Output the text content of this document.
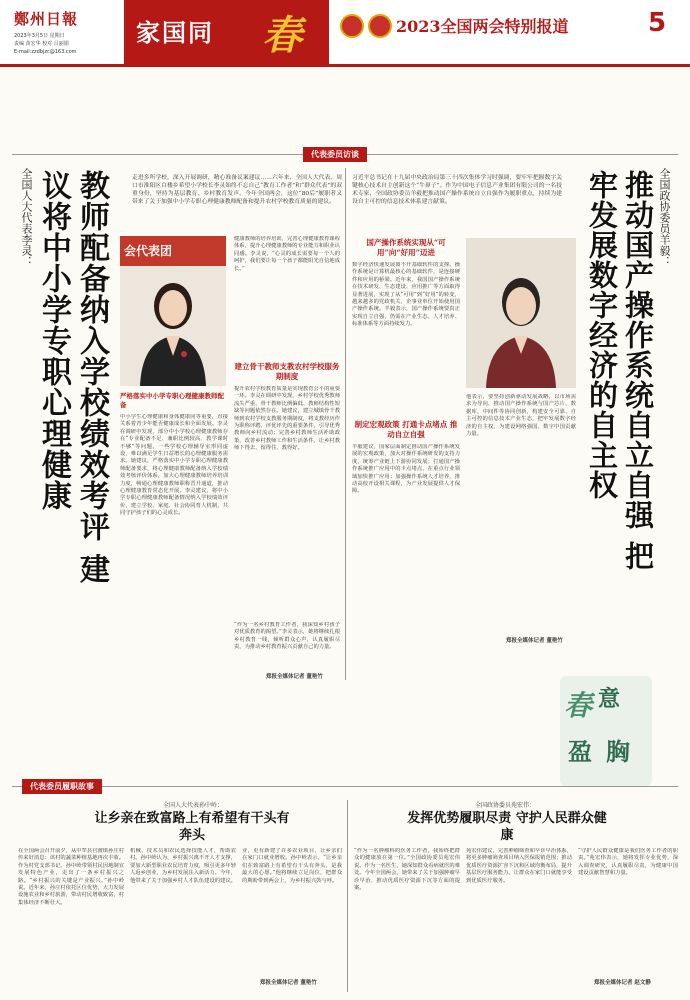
鄭州日報
2023年3月5日 星期日
责编 苗宏华 校对 吕丽娟
E-mail:zzdbjzc@163.com
家国同 春	2023全国两会特别报道	5
代表委员访谈
全国人大代表李灵：	教师配备纳入学校绩效考评 建议将中小学专职心理健康	走进多所学校，深入开展调研，精心准备议案建议……六年来，全国人大代表、周口市淮阳区白楼乡希望小学校长李灵始终不忘自己“教育工作者”和“群众代表”的双重身份，坚持为基层教育、乡村教育发声。今年全国两会，这位“80后”履职者又带来了关于加强中小学专职心理健康教师配备和提升农村学校教育质量的建议。
会代表团
严格落实中小学专职心理健康教师配备
中小学生心理健康和身体健康同等重要，直接关系着青少年能否健康成长和全面发展。李灵在调研中发现，部分中小学校心理健康教师存在“专业配备不足、兼职比例较高、教学课时不够”等问题，一些学校心理辅导室形同虚设，难以满足学生日益增长的心理健康服务需求。她建议，严格落实中小学专职心理健康教师配备要求，将心理健康教师配备纳入学校绩效考核评价体系，加大心理健康教师培养培训力度，畅通心理健康教师职称晋升通道，推动心理健康教育常态化开展。李灵建议，将中小学专职心理健康教师配备情况纳入学校绩效评价，建立学校、家庭、社会协同育人机制，共同守护孩子们的心灵成长。
健康教师的培养培训，完善心理健康教育课程体系，提升心理健康教师的专业能力和职业认同感。李灵说，“心灵的成长需要每一个人的呵护，我们要让每一个孩子都能阳光自信地成长。”
建立骨干教师支教农村学校服务期制度
提升农村学校教育质量是实现教育公平的重要一环。李灵在调研中发现，乡村学校优秀教师流失严重、骨干教师比例偏低、教师结构性短缺等问题依然存在。她建议，建立城镇骨干教师到农村学校支教服务期制度，将支教经历作为职称评聘、评优评先的重要条件，引导优秀教师向乡村流动；完善乡村教师生活补助政策，改善乡村教师工作和生活条件，让乡村教师下得去、留得住、教得好。
“作为一名乡村教育工作者，我深知乡村孩子对优质教育的渴望。”李灵表示，她将继续扎根乡村教育一线，倾听群众心声，认真履职尽责，为推动乡村教育振兴贡献自己的力量。
郑报全媒体记者 董艳竹
习近平总书记在十九届中央政治局第三十四次集体学习时强调，要牢牢把握数字关键核心技术自主创新这个“牛鼻子”。作为中国电子信息产业集团有限公司的一名技术专家，全国政协委员羊毅把推动国产操作系统自立自强作为履职重点，持续为建设自主可控的信息技术体系建言献策。	全国政协委员羊毅：
推动国产操作系统自立自强 把牢发展数字经济的自主权
国产操作系统实现从“可用”向“好用”迈进
数字经济快速发展离不开基础软件的支撑。操作系统是计算机最核心的基础软件，是连接硬件和应用的桥梁。近年来，我国国产操作系统在技术研发、生态建设、应用推广等方面取得显著进展，实现了从“可用”到“好用”的转变，越来越多的党政机关、企事业单位开始使用国产操作系统。羊毅表示，国产操作系统要真正实现自立自强，仍需在产业生态、人才培养、标准体系等方面持续发力。
制定宏观政策 打通卡点堵点 推动自立自强
羊毅建议，国家层面制定推动国产操作系统发展的宏观政策，加大对操作系统研发的支持力度，统筹产业链上下游协同发展；打通国产操作系统推广应用中的卡点堵点，在重点行业领域加快推广应用；加强操作系统人才培养，推动高校开设相关课程，为产业发展提供人才保障。
他表示，要坚持创新驱动发展战略，以市场需求为导向，推动国产操作系统与国产芯片、数据库、中间件等协同创新，构建安全可靠、自主可控的信息技术产业生态，把牢发展数字经济的自主权，为建设网络强国、数字中国贡献力量。
郑报全媒体记者 董艳竹
春 意
盈 胸
代表委员履职故事
全国人大代表孙中岭：
让乡亲在致富路上有希望有干头有奔头
在全国两会召开前夕，从中牟县官渡镇孙庄村传来好消息：该村的蔬菜种植基地再次丰收。作为村党支部书记，孙中岭带领村民因地制宜发展特色产业，走出了一条乡村振兴之路。“乡村振兴的关键是产业振兴。”孙中岭说。近年来，孙庄村依托区位优势，大力发展设施农业和乡村旅游，带动村民增收致富，村集体经济不断壮大。
机械，技术员和农民选择技能人才，帮助农村。孙中岭认为，乡村振兴离不开人才支撑，要加大新型职业农民培育力度，吸引更多年轻人返乡创业，为乡村发展注入新活力。今年，他带来了关于加强乡村人才队伍建设的建议。
业，更有新建了许多农业项目，让乡亲们在家门口就业增收。孙中岭表示，“让乡亲们在致富路上有希望有干头有奔头，是我最大的心愿。”他将继续立足岗位，把群众的期盼带到两会上，为乡村振兴鼓与呼。
郑报全媒体记者 董艳竹
全国政协委员苑宏伟：
发挥优势履职尽责 守护人民群众健康
“作为一名肿瘤科的医务工作者，我始终把群众的健康放在第一位。”全国政协委员苑宏伟说。作为一名医生，她深知群众看病就医的难处。今年全国两会，她带来了关于加强肿瘤早诊早治、推动优质医疗资源下沉等方面的提案。
苑宏伟建议，完善肿瘤筛查和早诊早治体系，将更多肿瘤筛查项目纳入医保报销范围；推动优质医疗资源扩容下沉和区域均衡布局，提升基层医疗服务能力，让群众在家门口就能享受到优质医疗服务。
“守护人民群众健康是我们医务工作者的职责。”苑宏伟表示，她将发挥专业优势，深入调查研究，认真履职尽责，为健康中国建设贡献智慧和力量。
郑报全媒体记者 赵文静
